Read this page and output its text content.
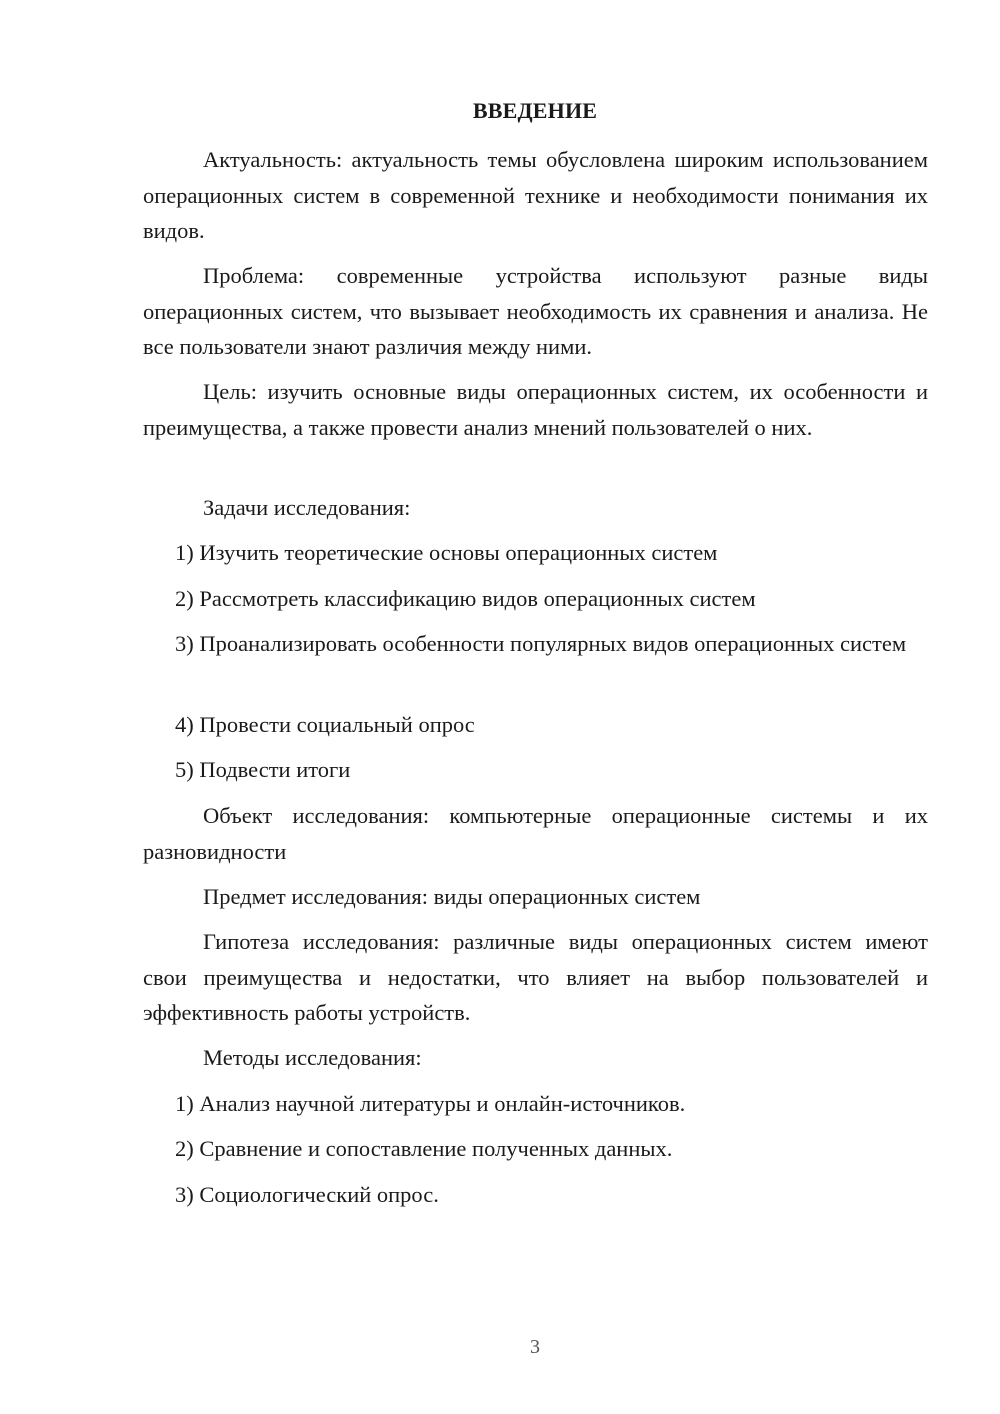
ВВЕДЕНИЕ
Актуальность: актуальность темы обусловлена широким использованием операционных систем в современной технике и необходимости понимания их видов.
Проблема: современные устройства используют разные виды операционных систем, что вызывает необходимость их сравнения и анализа. Не все пользователи знают различия между ними.
Цель: изучить основные виды операционных систем, их особенности и преимущества, а также провести анализ мнений пользователей о них.
Задачи исследования:
1) Изучить теоретические основы операционных систем
2) Рассмотреть классификацию видов операционных систем
3) Проанализировать особенности популярных видов операционных систем
4) Провести социальный опрос
5) Подвести итоги
Объект исследования: компьютерные операционные системы и их разновидности
Предмет исследования: виды операционных систем
Гипотеза исследования: различные виды операционных систем имеют свои преимущества и недостатки, что влияет на выбор пользователей и эффективность работы устройств.
Методы исследования:
1) Анализ научной литературы и онлайн-источников.
2) Сравнение и сопоставление полученных данных.
3) Социологический опрос.
3
